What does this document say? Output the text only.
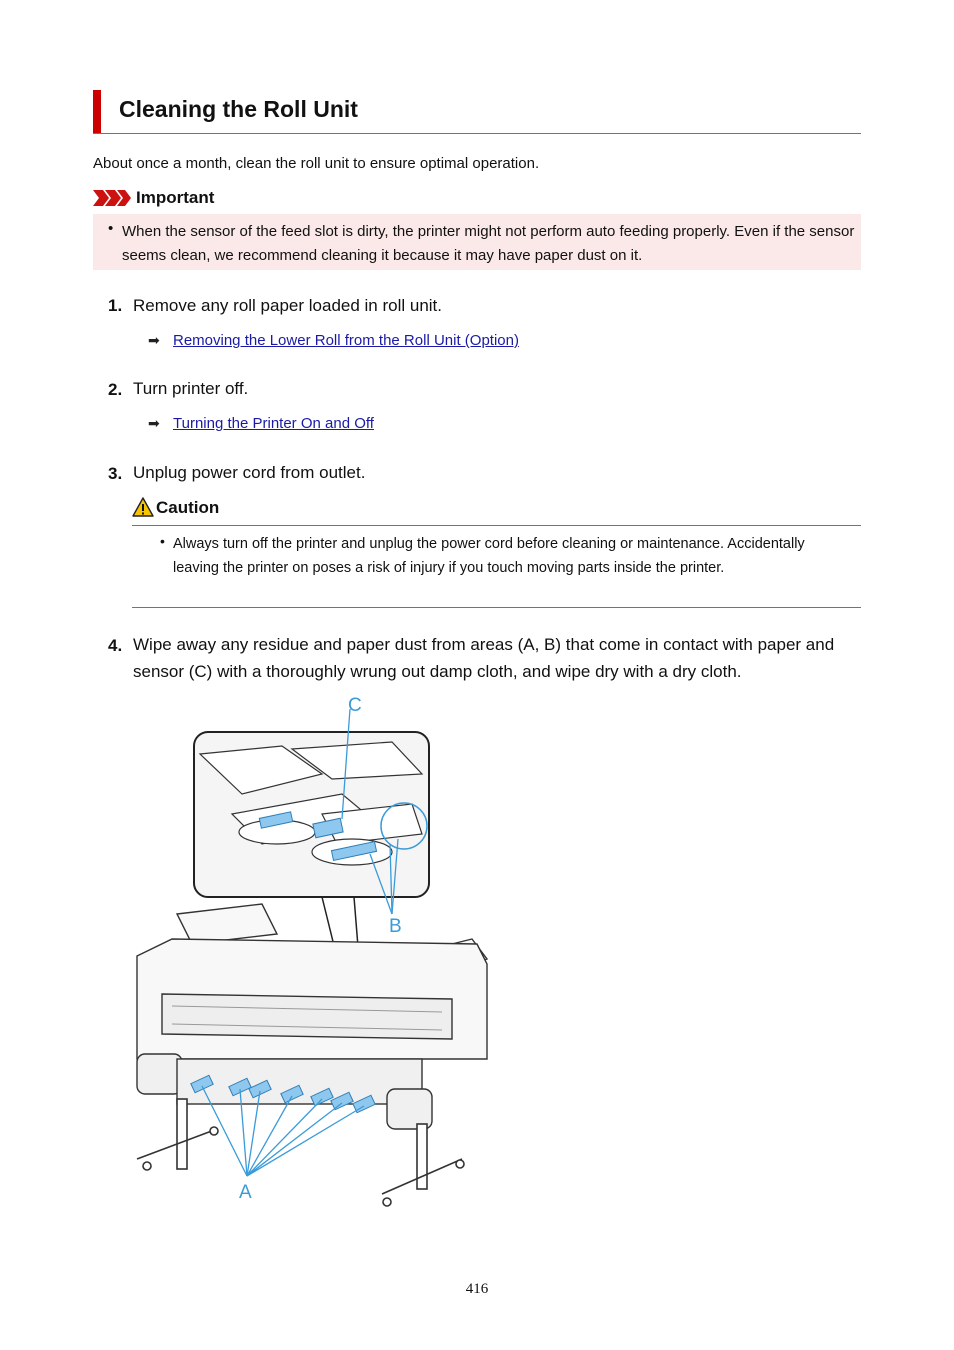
Cleaning the Roll Unit
About once a month, clean the roll unit to ensure optimal operation.
Important
• When the sensor of the feed slot is dirty, the printer might not perform auto feeding properly. Even if the sensor seems clean, we recommend cleaning it because it may have paper dust on it.
1. Remove any roll paper loaded in roll unit.
➡ Removing the Lower Roll from the Roll Unit (Option)
2. Turn printer off.
➡ Turning the Printer On and Off
3. Unplug power cord from outlet.
Caution
• Always turn off the printer and unplug the power cord before cleaning or maintenance. Accidentally leaving the printer on poses a risk of injury if you touch moving parts inside the printer.
4. Wipe away any residue and paper dust from areas (A, B) that come in contact with paper and sensor (C) with a thoroughly wrung out damp cloth, and wipe dry with a dry cloth.
C
B
A
416
